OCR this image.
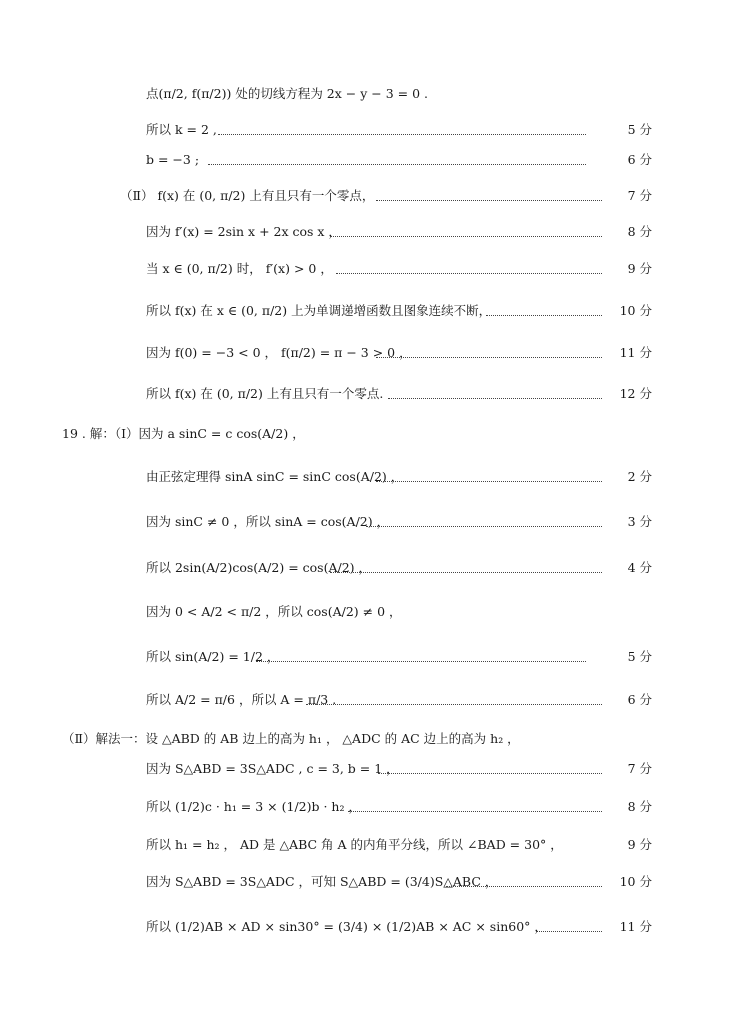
点(π/2, f(π/2)) 处的切线方程为 2x − y − 3 = 0 .
所以 k = 2 ,	5 分
b = −3 ;	6 分
（Ⅱ） f(x) 在 (0, π/2) 上有且只有一个零点，	7 分
因为 f′(x) = 2sin x + 2x cos x ，	8 分
当 x ∈ (0, π/2) 时， f′(x) > 0 ，	9 分
所以 f(x) 在 x ∈ (0, π/2) 上为单调递增函数且图象连续不断，	10 分
因为 f(0) = −3 < 0 ， f(π/2) = π − 3 > 0 ，	11 分
所以 f(x) 在 (0, π/2) 上有且只有一个零点.	12 分
19 . 解：（Ⅰ）因为 a sinC = c cos(A/2) ，
由正弦定理得 sinA sinC = sinC cos(A/2) ，	2 分
因为 sinC ≠ 0 ，所以 sinA = cos(A/2) ，	3 分
所以 2sin(A/2)cos(A/2) = cos(A/2) ，	4 分
因为 0 < A/2 < π/2 ，所以 cos(A/2) ≠ 0 ，
所以 sin(A/2) = 1/2 ，	5 分
所以 A/2 = π/6 ，所以 A = π/3 .	6 分
（Ⅱ）解法一：设 △ABD 的 AB 边上的高为 h₁ ， △ADC 的 AC 边上的高为 h₂ ，
因为 S△ABD = 3S△ADC , c = 3, b = 1 ，	7 分
所以 (1/2)c · h₁ = 3 × (1/2)b · h₂ ，	8 分
所以 h₁ = h₂ ， AD 是 △ABC 角 A 的内角平分线，所以 ∠BAD = 30° ，	9 分
因为 S△ABD = 3S△ADC ，可知 S△ABD = (3/4)S△ABC ，	10 分
所以 (1/2)AB × AD × sin30° = (3/4) × (1/2)AB × AC × sin60° ，	11 分
